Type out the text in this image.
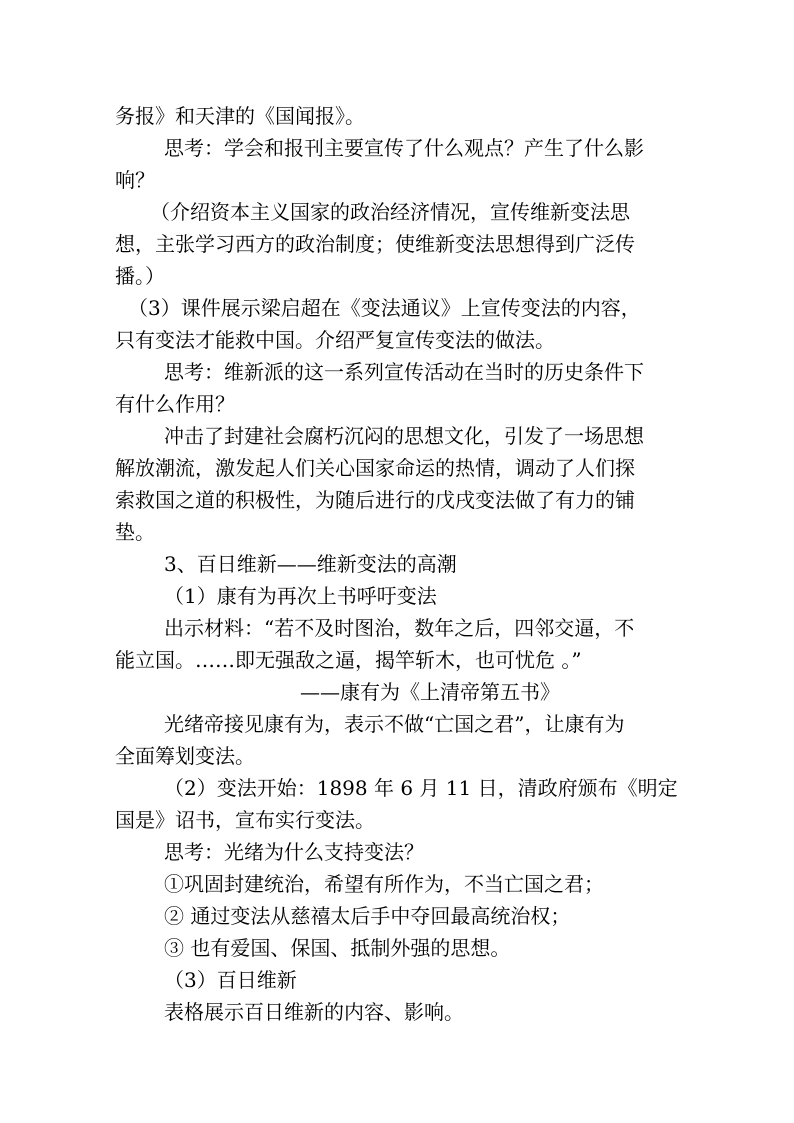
务报》和天津的《国闻报》。
思考：学会和报刊主要宣传了什么观点？产生了什么影
响？
（介绍资本主义国家的政治经济情况，宣传维新变法思
想，主张学习西方的政治制度；使维新变法思想得到广泛传
播。）
（3）课件展示梁启超在《变法通议》上宣传变法的内容，
只有变法才能救中国。介绍严复宣传变法的做法。
思考：维新派的这一系列宣传活动在当时的历史条件下
有什么作用？
冲击了封建社会腐朽沉闷的思想文化，引发了一场思想
解放潮流，激发起人们关心国家命运的热情，调动了人们探
索救国之道的积极性，为随后进行的戊戌变法做了有力的铺
垫。
3、百日维新——维新变法的高潮
（1）康有为再次上书呼吁变法
出示材料：“若不及时图治，数年之后，四邻交逼，不
能立国。……即无强敌之逼，揭竿斩木，也可忧危 。”
——康有为《上清帝第五书》
光绪帝接见康有为，表示不做“亡国之君”，让康有为
全面筹划变法。
（2）变法开始：1898 年 6 月 11 日，清政府颁布《明定
国是》诏书，宣布实行变法。
思考：光绪为什么支持变法？
①巩固封建统治，希望有所作为，不当亡国之君；
② 通过变法从慈禧太后手中夺回最高统治权；
③ 也有爱国、保国、抵制外强的思想。
（3）百日维新
表格展示百日维新的内容、影响。
